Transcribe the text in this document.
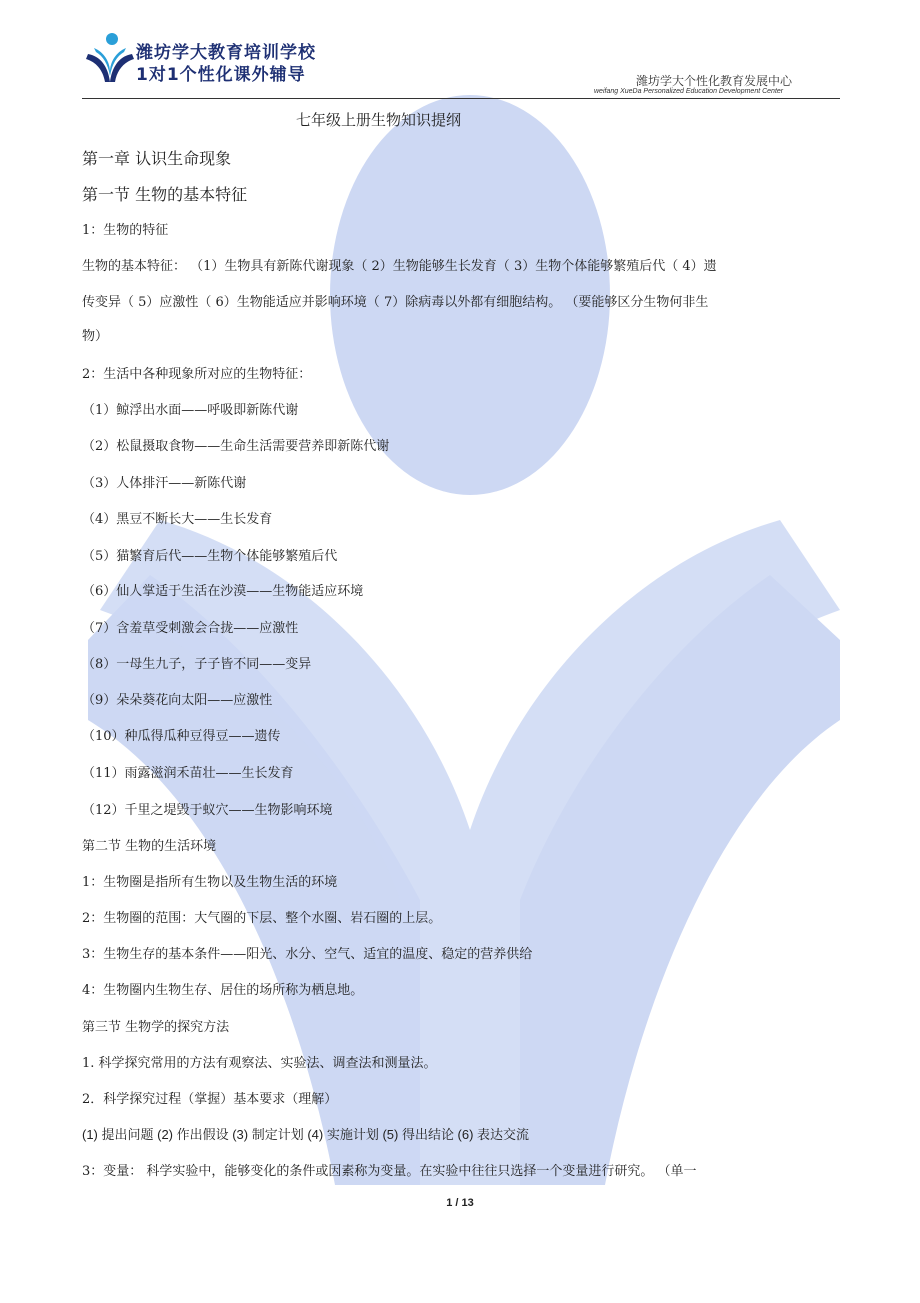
潍坊学大教育培训学校
1对1个性化课外辅导	潍坊学大个性化教育发展中心
weifang XueDa Personalized Education Development Center
七年级上册生物知识提纲
第一章 认识生命现象
第一节 生物的基本特征
1：生物的特征
生物的基本特征： （1）生物具有新陈代谢现象（ 2）生物能够生长发育（ 3）生物个体能够繁殖后代（ 4）遗
传变异（ 5）应激性（ 6）生物能适应并影响环境（ 7）除病毒以外都有细胞结构。 （要能够区分生物何非生
物）
2：生活中各种现象所对应的生物特征：
（1）鲸浮出水面——呼吸即新陈代谢
（2）松鼠摄取食物——生命生活需要营养即新陈代谢
（3）人体排汗——新陈代谢
（4）黑豆不断长大——生长发育
（5）猫繁育后代——生物个体能够繁殖后代
（6）仙人掌适于生活在沙漠——生物能适应环境
（7）含羞草受刺激会合拢——应激性
（8）一母生九子，子子皆不同——变异
（9）朵朵葵花向太阳——应激性
（10）种瓜得瓜种豆得豆——遗传
（11）雨露滋润禾苗壮——生长发育
（12）千里之堤毁于蚁穴——生物影响环境
第二节 生物的生活环境
1：生物圈是指所有生物以及生物生活的环境
2：生物圈的范围：大气圈的下层、整个水圈、岩石圈的上层。
3：生物生存的基本条件——阳光、水分、空气、适宜的温度、稳定的营养供给
4：生物圈内生物生存、居住的场所称为栖息地。
第三节 生物学的探究方法
1. 科学探究常用的方法有观察法、实验法、调查法和测量法。
2．科学探究过程（掌握）基本要求（理解）
(1) 提出问题 (2) 作出假设 (3) 制定计划 (4) 实施计划 (5) 得出结论 (6) 表达交流
3：变量： 科学实验中，能够变化的条件或因素称为变量。在实验中往往只选择一个变量进行研究。 （单一
1 / 13
